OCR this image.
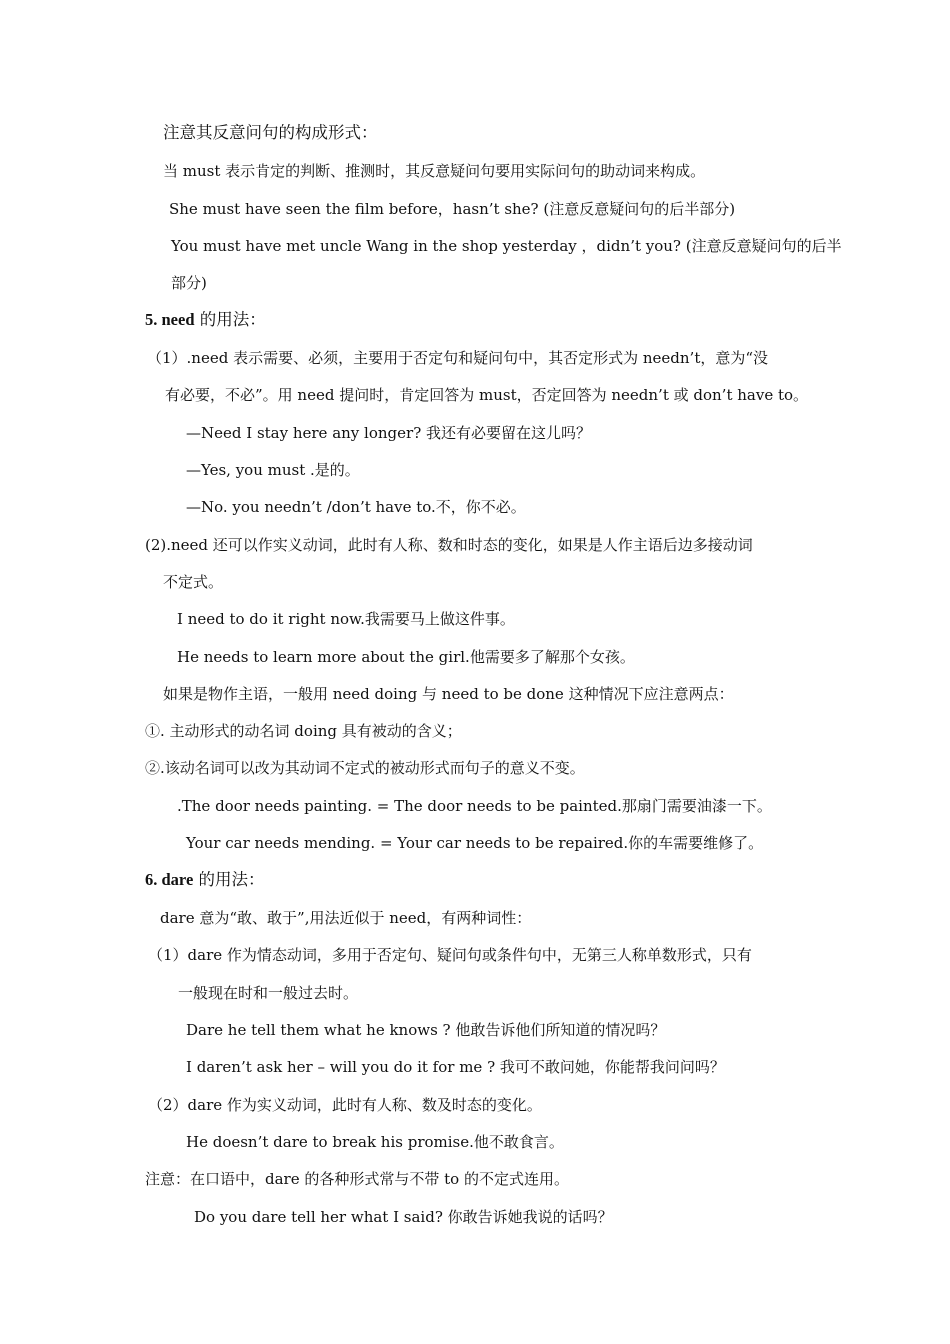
注意其反意问句的构成形式：
当 must 表示肯定的判断、推测时，其反意疑问句要用实际问句的助动词来构成。
She must have seen the film before，hasn’t she? (注意反意疑问句的后半部分)
You must have met uncle Wang in the shop yesterday ，didn’t you? (注意反意疑问句的后半
部分)
5. need 的用法：
（1）.need 表示需要、必须，主要用于否定句和疑问句中，其否定形式为 needn’t，意为“没
有必要，不必”。用 need 提问时，肯定回答为 must，否定回答为 needn’t 或 don’t have to。
—Need I stay here any longer? 我还有必要留在这儿吗？
—Yes, you must .是的。
—No. you needn’t /don’t have to.不，你不必。
(2).need 还可以作实义动词，此时有人称、数和时态的变化，如果是人作主语后边多接动词
不定式。
I need to do it right now.我需要马上做这件事。
He needs to learn more about the girl.他需要多了解那个女孩。
如果是物作主语，一般用 need doing 与 need to be done 这种情况下应注意两点：
①. 主动形式的动名词 doing 具有被动的含义；
②.该动名词可以改为其动词不定式的被动形式而句子的意义不变。
.The door needs painting. = The door needs to be painted.那扇门需要油漆一下。
Your car needs mending. = Your car needs to be repaired.你的车需要维修了。
6. dare 的用法：
dare 意为“敢、敢于”,用法近似于 need，有两种词性：
（1）dare 作为情态动词，多用于否定句、疑问句或条件句中，无第三人称单数形式，只有
一般现在时和一般过去时。
Dare he tell them what he knows ? 他敢告诉他们所知道的情况吗？
I daren’t ask her – will you do it for me ? 我可不敢问她，你能帮我问问吗？
（2）dare 作为实义动词，此时有人称、数及时态的变化。
He doesn’t dare to break his promise.他不敢食言。
注意：在口语中，dare 的各种形式常与不带 to 的不定式连用。
Do you dare tell her what I said? 你敢告诉她我说的话吗？
